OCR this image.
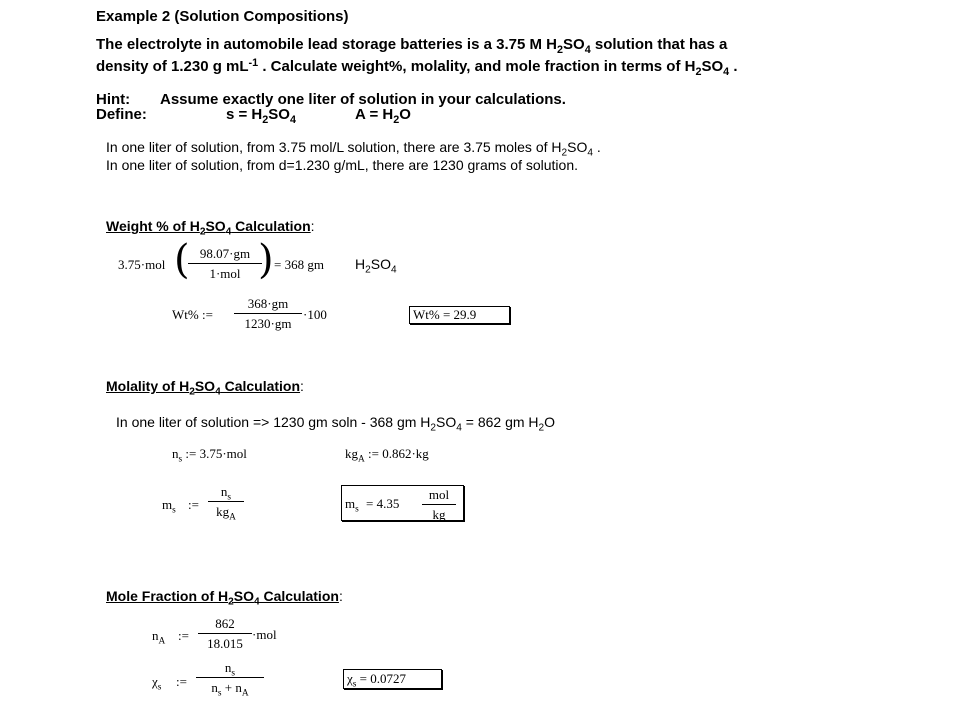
Example 2 (Solution Compositions)
The electrolyte in automobile lead storage batteries is a 3.75 M $H_2SO_4$ solution that has a
density of 1.230 g $mL^{-1}$ . Calculate weight%, molality, and mole fraction in terms of $H_2SO_4$ .
Hint: Assume exactly one liter of solution in your calculations.
Define:	$s = H_2SO_4$	$A = H_2O$
In one liter of solution, from 3.75 mol/L solution, there are 3.75 moles of $H_2SO_4$ .
In one liter of solution, from d=1.230 g/mL, there are 1230 grams of solution.
Weight % of $H_2SO_4$ Calculation:
3.75·mol ( 98.07·gm
1·mol ) = 368 gm $H_2SO_4$
Wt% := $\frac{368\cdot gm}{1230\cdot gm} \cdot 100$	Wt% = 29.9
Molality of $H_2SO_4$ Calculation:
In one liter of solution => 1230 gm soln - 368 gm $H_2SO_4 = 862$ gm $H_2O$
$n_s$ := 3.75·mol	$kg_A$ := 0.862·kg
$m_s$ :=
$n_s$
$kg_A$
$m_s = 4.35$
mol
kg
Mole Fraction of $H_2SO_4$ Calculation:
$n_A$ := $\frac{862}{18.015} \cdot mol$
$\chi_s$ := $\frac{n_s}{n_s + n_A}$	$\chi_s = 0.0727$
